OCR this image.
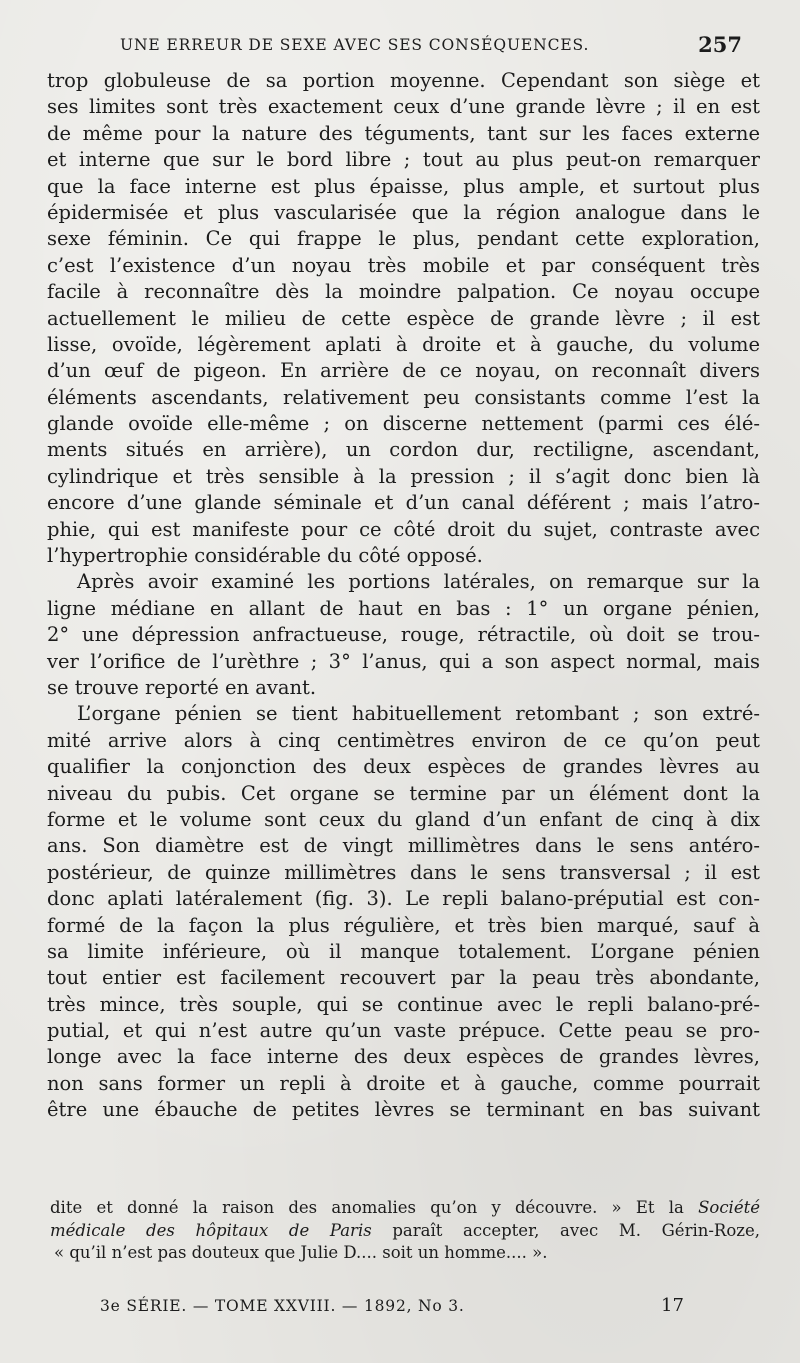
UNE ERREUR DE SEXE AVEC SES CONSÉQUENCES.	257
trop globuleuse de sa portion moyenne. Cependant son siège et
ses limites sont très exactement ceux d’une grande lèvre ; il en est
de même pour la nature des téguments, tant sur les faces externe
et interne que sur le bord libre ; tout au plus peut-on remarquer
que la face interne est plus épaisse, plus ample, et surtout plus
épidermisée et plus vascularisée que la région analogue dans le
sexe féminin. Ce qui frappe le plus, pendant cette exploration,
c’est l’existence d’un noyau très mobile et par conséquent très
facile à reconnaître dès la moindre palpation. Ce noyau occupe
actuellement le milieu de cette espèce de grande lèvre ; il est
lisse, ovoïde, légèrement aplati à droite et à gauche, du volume
d’un œuf de pigeon. En arrière de ce noyau, on reconnaît divers
éléments ascendants, relativement peu consistants comme l’est la
glande ovoïde elle-même ; on discerne nettement (parmi ces élé-
ments situés en arrière), un cordon dur, rectiligne, ascendant,
cylindrique et très sensible à la pression ; il s’agit donc bien là
encore d’une glande séminale et d’un canal déférent ; mais l’atro-
phie, qui est manifeste pour ce côté droit du sujet, contraste avec
l’hypertrophie considérable du côté opposé.
Après avoir examiné les portions latérales, on remarque sur la
ligne médiane en allant de haut en bas : 1° un organe pénien,
2° une dépression anfractueuse, rouge, rétractile, où doit se trou-
ver l’orifice de l’urèthre ; 3° l’anus, qui a son aspect normal, mais
se trouve reporté en avant.
L’organe pénien se tient habituellement retombant ; son extré-
mité arrive alors à cinq centimètres environ de ce qu’on peut
qualifier la conjonction des deux espèces de grandes lèvres au
niveau du pubis. Cet organe se termine par un élément dont la
forme et le volume sont ceux du gland d’un enfant de cinq à dix
ans. Son diamètre est de vingt millimètres dans le sens antéro-
postérieur, de quinze millimètres dans le sens transversal ; il est
donc aplati latéralement (fig. 3). Le repli balano-préputial est con-
formé de la façon la plus régulière, et très bien marqué, sauf à
sa limite inférieure, où il manque totalement. L’organe pénien
tout entier est facilement recouvert par la peau très abondante,
très mince, très souple, qui se continue avec le repli balano-pré-
putial, et qui n’est autre qu’un vaste prépuce. Cette peau se pro-
longe avec la face interne des deux espèces de grandes lèvres,
non sans former un repli à droite et à gauche, comme pourrait
être une ébauche de petites lèvres se terminant en bas suivant
dite et donné la raison des anomalies qu’on y découvre. » Et la Société
médicale des hôpitaux de Paris paraît accepter, avec M. Gérin-Roze,
« qu’il n’est pas douteux que Julie D.... soit un homme.... ».
3e SÉRIE. — TOME XXVIII. — 1892, No 3.	17
